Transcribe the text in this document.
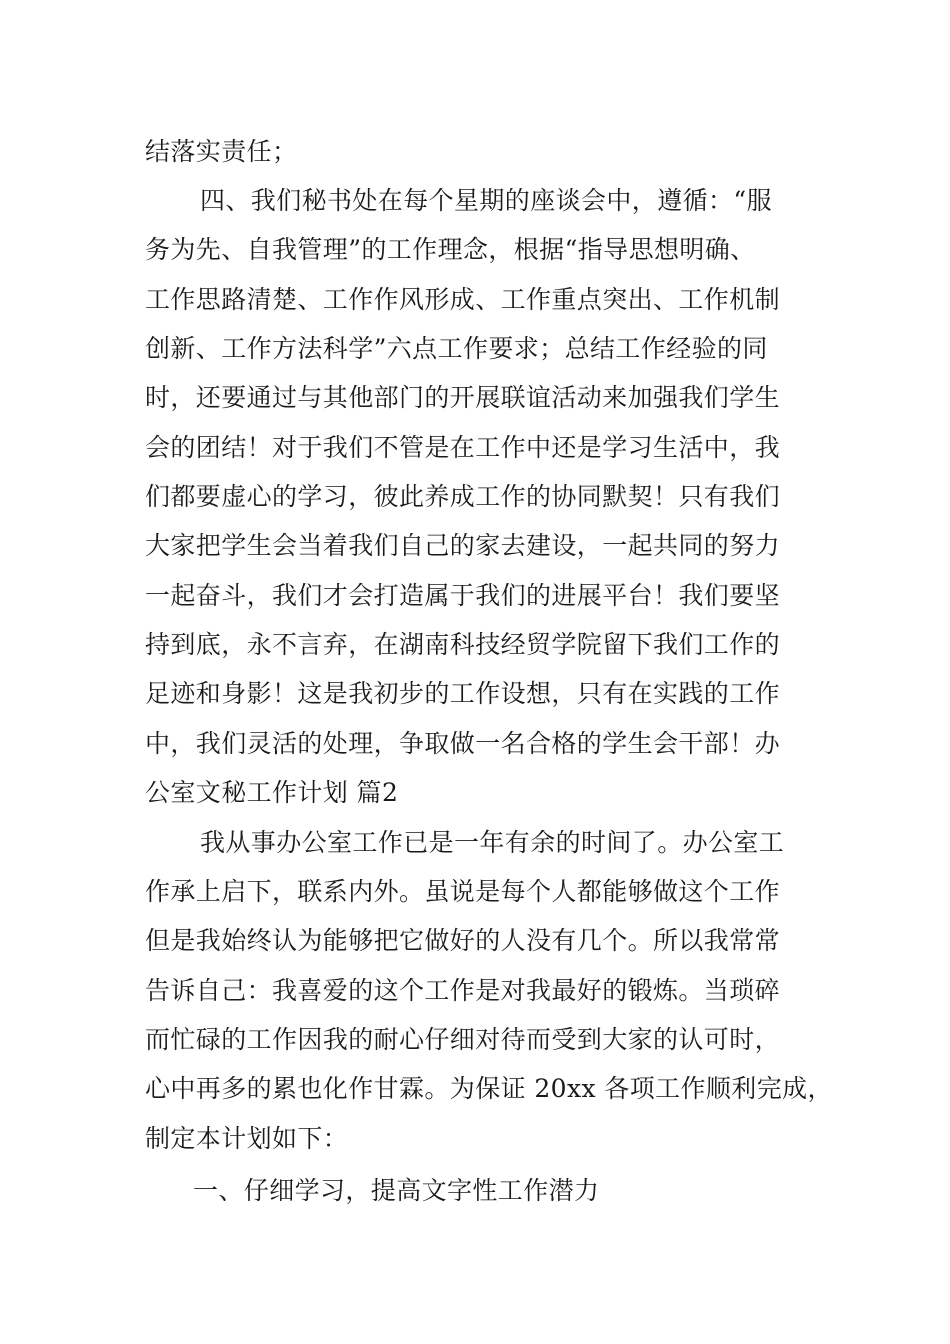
结落实责任；
四、我们秘书处在每个星期的座谈会中，遵循：“服
务为先、自我管理”的工作理念，根据“指导思想明确、
工作思路清楚、工作作风形成、工作重点突出、工作机制
创新、工作方法科学”六点工作要求；总结工作经验的同
时，还要通过与其他部门的开展联谊活动来加强我们学生
会的团结！对于我们不管是在工作中还是学习生活中，我
们都要虚心的学习，彼此养成工作的协同默契！只有我们
大家把学生会当着我们自己的家去建设，一起共同的努力
一起奋斗，我们才会打造属于我们的进展平台！我们要坚
持到底，永不言弃，在湖南科技经贸学院留下我们工作的
足迹和身影！这是我初步的工作设想，只有在实践的工作
中，我们灵活的处理，争取做一名合格的学生会干部！办
公室文秘工作计划 篇2
我从事办公室工作已是一年有余的时间了。办公室工
作承上启下，联系内外。虽说是每个人都能够做这个工作
但是我始终认为能够把它做好的人没有几个。所以我常常
告诉自己：我喜爱的这个工作是对我最好的锻炼。当琐碎
而忙碌的工作因我的耐心仔细对待而受到大家的认可时，
心中再多的累也化作甘霖。为保证 20xx 各项工作顺利完成，
制定本计划如下：
一、仔细学习，提高文字性工作潜力
